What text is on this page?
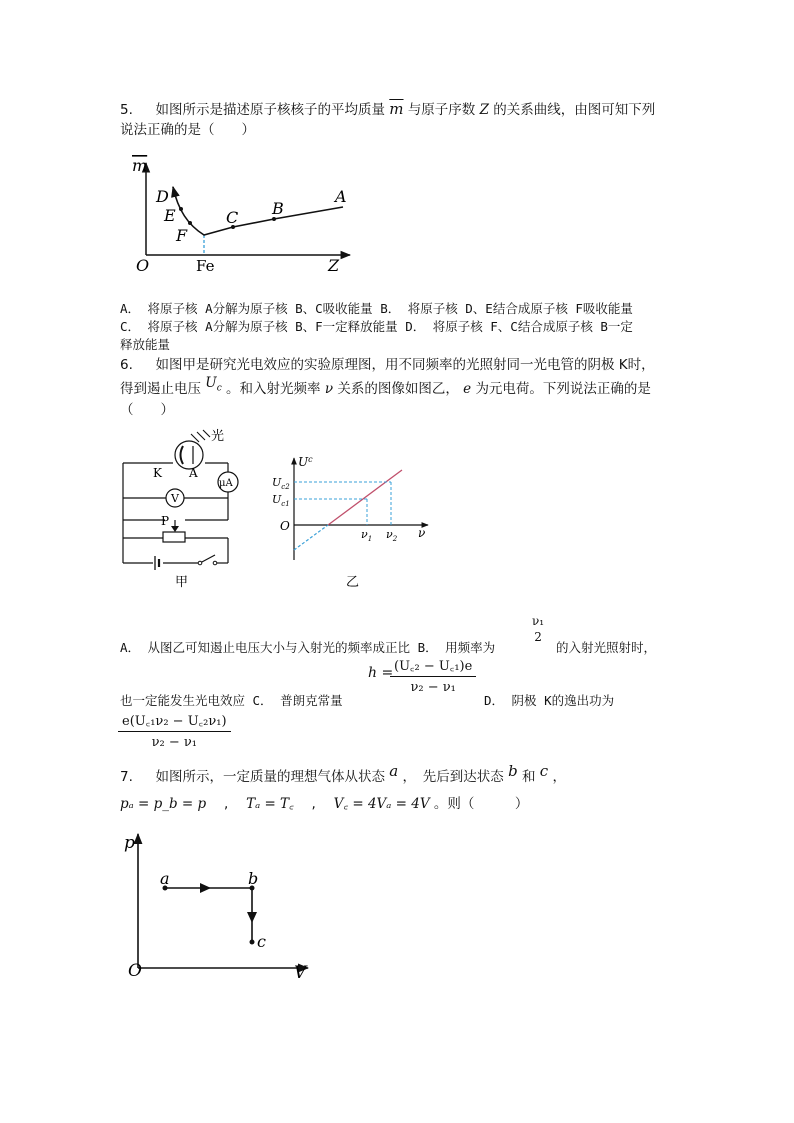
5. 如图所示是描述原子核核子的平均质量 $\overline{m}$ 与原子序数 Z 的关系曲线，由图可知下列
说法正确的是（　　）
m
Z
O	Fe
D
E
F
C B
A
A． 将原子核 A分解为原子核 B、C吸收能量 B． 将原子核 D、E结合成原子核 F吸收能量
C． 将原子核 A分解为原子核 B、F一定释放能量 D． 将原子核 F、C结合成原子核 B一定
释放能量
6. 如图甲是研究光电效应的实验原理图，用不同频率的光照射同一光电管的阴极 K时，
得到遏止电压 $U_c$ 。和入射光频率 ν 关系的图像如图乙， e 为元电荷。下列说法正确的是
（　　）
光
K A
μA
V
P
甲
$U^c$
$U_{c2}$
$U_{c1}$
O
$\nu_1$ $\nu_2$ ν
乙
A． 从图乙可知遏止电压大小与入射光的频率成正比 B． 用频率为
ν₁
2
的入射光照射时，
也一定能发生光电效应 C． 普朗克常量
h =
$\frac{\text{(U꜀₂ − U꜀₁)e}}{\text{ν₂ − ν₁}}$
D． 阴极 K的逸出功为
$\frac{\text{e(U꜀₁ν₂ − U꜀₂ν₁)}}{\text{ν₂ − ν₁}}$
7. 如图所示，一定质量的理想气体从状态 a ，　先后到达状态 b 和 c ，
pₐ = p_b = p 　,　 Tₐ = T꜀ 　,　 V꜀ = 4Vₐ = 4V 。则（　　　）
p
V
O
a	b
c
